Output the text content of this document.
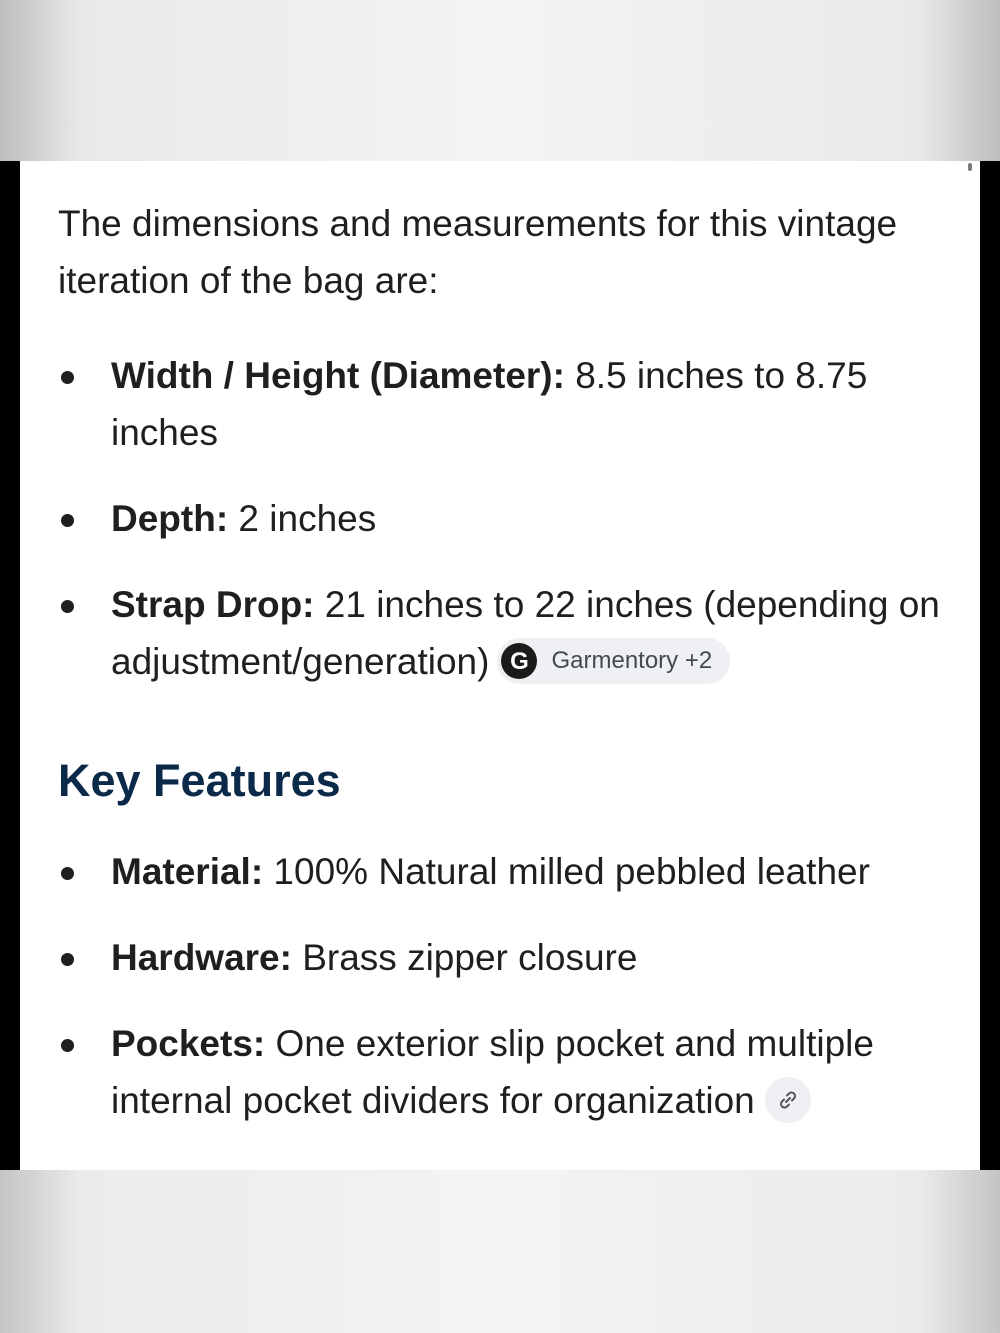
The dimensions and measurements for this vintage iteration of the bag are:
Width / Height (Diameter): 8.5 inches to 8.75 inches
Depth: 2 inches
Strap Drop: 21 inches to 22 inches (depending on adjustment/generation) G Garmentory +2
Key Features
Material: 100% Natural milled pebbled leather
Hardware: Brass zipper closure
Pockets: One exterior slip pocket and multiple internal pocket dividers for organization
